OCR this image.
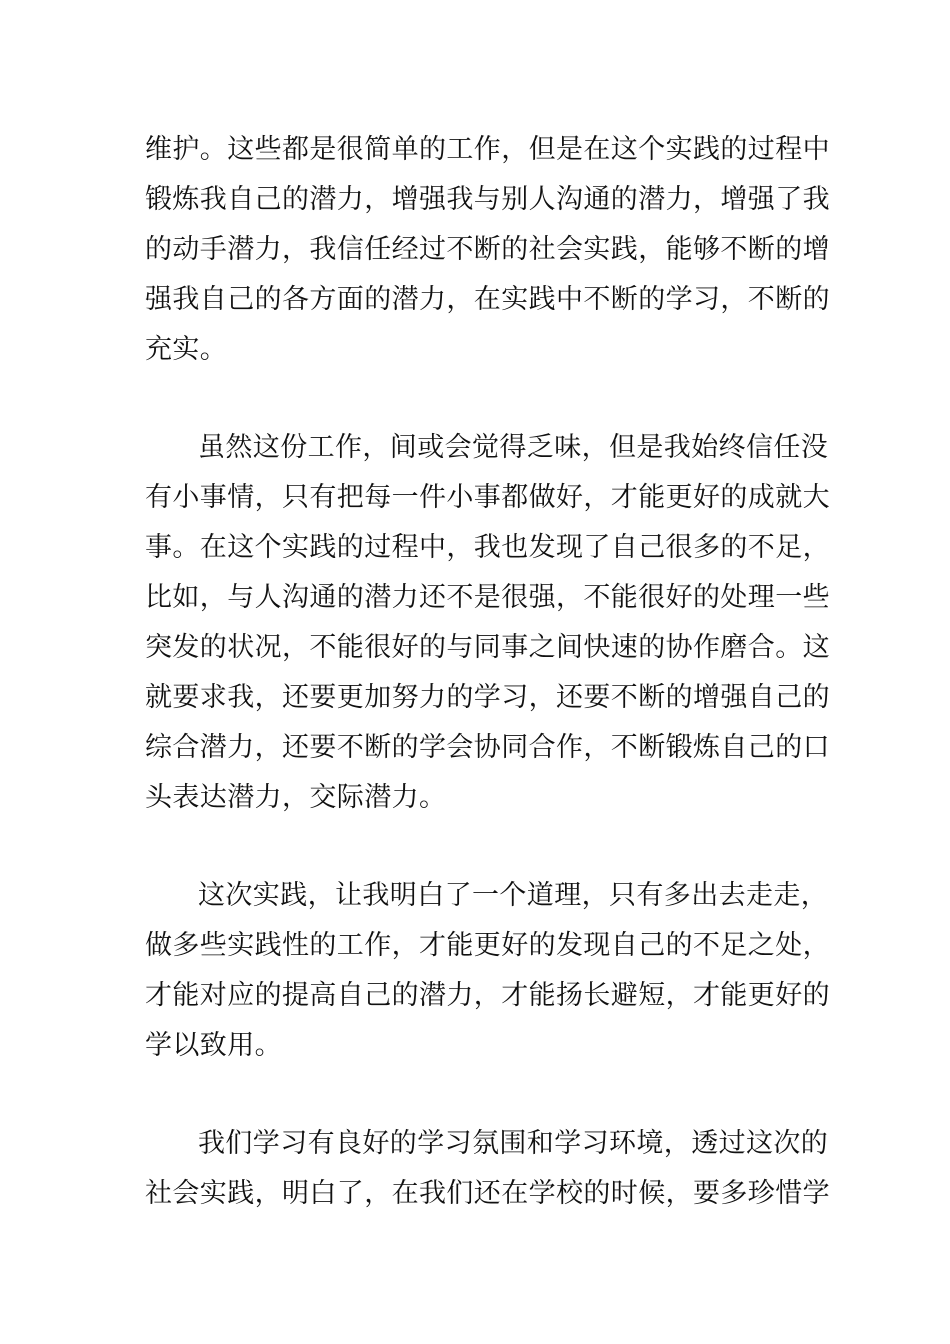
维护。这些都是很简单的工作，但是在这个实践的过程中
锻炼我自己的潜力，增强我与别人沟通的潜力，增强了我
的动手潜力，我信任经过不断的社会实践，能够不断的增
强我自己的各方面的潜力，在实践中不断的学习，不断的
充实。
虽然这份工作，间或会觉得乏味，但是我始终信任没
有小事情，只有把每一件小事都做好，才能更好的成就大
事。在这个实践的过程中，我也发现了自己很多的不足，
比如，与人沟通的潜力还不是很强，不能很好的处理一些
突发的状况，不能很好的与同事之间快速的协作磨合。这
就要求我，还要更加努力的学习，还要不断的增强自己的
综合潜力，还要不断的学会协同合作，不断锻炼自己的口
头表达潜力，交际潜力。
这次实践，让我明白了一个道理，只有多出去走走，
做多些实践性的工作，才能更好的发现自己的不足之处，
才能对应的提高自己的潜力，才能扬长避短，才能更好的
学以致用。
我们学习有良好的学习氛围和学习环境，透过这次的
社会实践，明白了，在我们还在学校的时候，要多珍惜学
